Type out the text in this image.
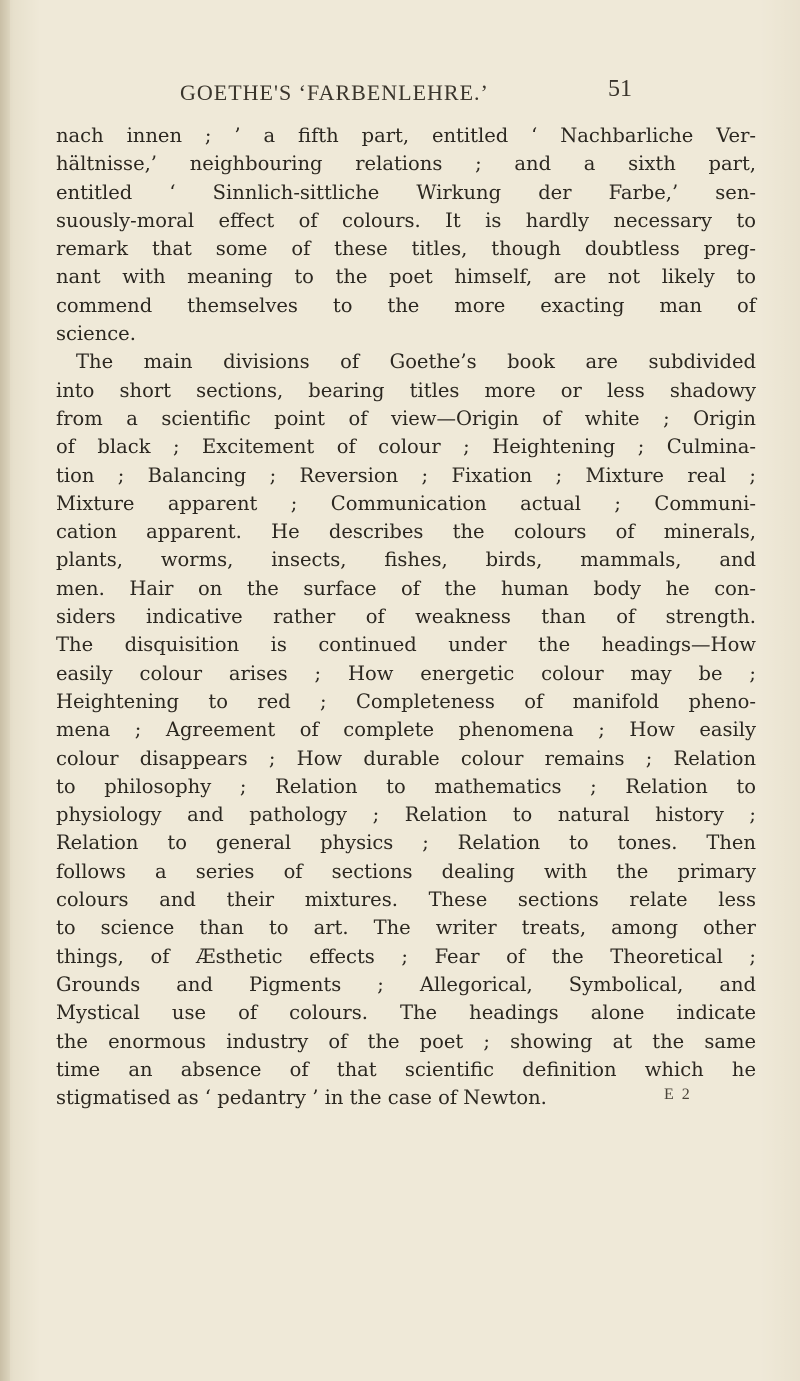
GOETHE'S ‘FARBENLEHRE.’	51
nach innen ; ’ a fifth part, entitled ‘ Nachbarliche Ver-
hältnisse,’ neighbouring relations ; and a sixth part,
entitled ‘ Sinnlich-sittliche Wirkung der Farbe,’ sen-
suously-moral effect of colours. It is hardly necessary to
remark that some of these titles, though doubtless preg-
nant with meaning to the poet himself, are not likely to
commend themselves to the more exacting man of
science.
The main divisions of Goethe’s book are subdivided
into short sections, bearing titles more or less shadowy
from a scientific point of view—Origin of white ; Origin
of black ; Excitement of colour ; Heightening ; Culmina-
tion ; Balancing ; Reversion ; Fixation ; Mixture real ;
Mixture apparent ; Communication actual ; Communi-
cation apparent. He describes the colours of minerals,
plants, worms, insects, fishes, birds, mammals, and
men. Hair on the surface of the human body he con-
siders indicative rather of weakness than of strength.
The disquisition is continued under the headings—How
easily colour arises ; How energetic colour may be ;
Heightening to red ; Completeness of manifold pheno-
mena ; Agreement of complete phenomena ; How easily
colour disappears ; How durable colour remains ; Relation
to philosophy ; Relation to mathematics ; Relation to
physiology and pathology ; Relation to natural history ;
Relation to general physics ; Relation to tones. Then
follows a series of sections dealing with the primary
colours and their mixtures. These sections relate less
to science than to art. The writer treats, among other
things, of Æsthetic effects ; Fear of the Theoretical ;
Grounds and Pigments ; Allegorical, Symbolical, and
Mystical use of colours. The headings alone indicate
the enormous industry of the poet ; showing at the same
time an absence of that scientific definition which he
stigmatised as ‘ pedantry ’ in the case of Newton.	E 2
